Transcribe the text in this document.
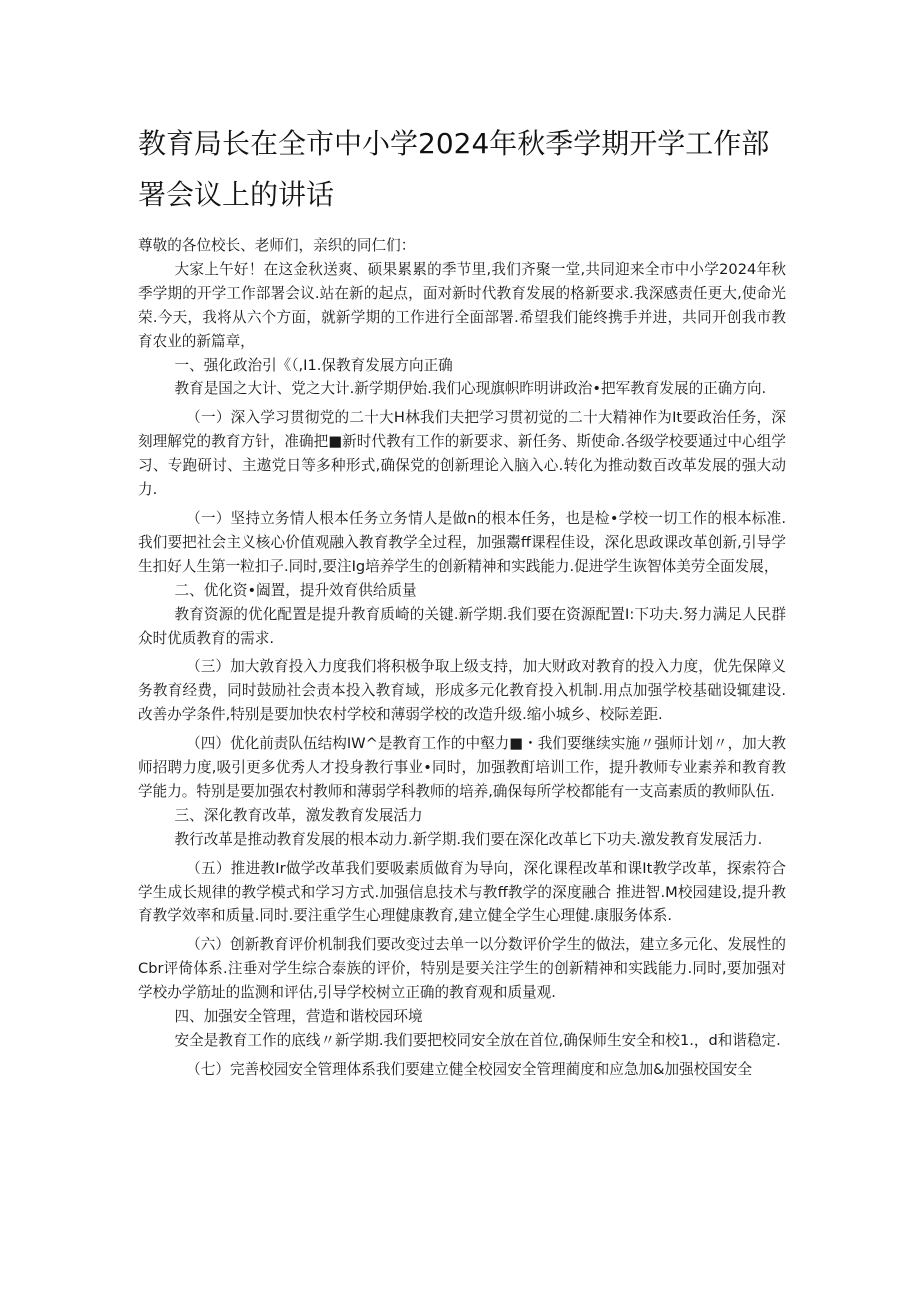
教育局长在全市中小学2024年秋季学期开学工作部
署会议上的讲话

尊敬的各位校长、老师们，亲织的同仁们：

大家上午好！在这金秋送爽、硕果累累的季节里,我们齐聚一堂,共同迎来全市中小学2024年秋季学期的开学工作部署会议.站在新的起点，面对新时代教育发展的格新要求.我深感责任更大,使命光荣.今天，我将从六个方面，就新学期的工作进行全面部署.希望我们能终携手并进，共同开创我市教育农业的新篇章，

一、强化政治引《（,I1.保教育发展方向正确

教育是国之大计、党之大计.新学期伊始.我们心现旗帜昨明讲政治•把军教育发展的正确方向.

（一）深入学习贯彻党的二十大H林我们夫把学习贯初觉的二十大精神作为It要政治任务，深刻理解党的教育方针，准确把■新时代教有工作的新要求、新任务、斯使命.各级学校要通过中心组学习、专跑研讨、主遨党日等多种形式,确保党的创新理论入脑入心.转化为推动数百改革发展的强大动力.

（一）坚持立务情人根本任务立务情人是做n的根本任务，也是检•学校一切工作的根本标准.我们要把社会主义核心价值观融入教育教学全过程，加强鬻ff课程佳设，深化思政课改革创新,引导学生扣好人生第一粒扣子.同时,要注Ig培养学生的创新精神和实践能力.促进学生诙智体美劳全面发展，

二、优化资•阖置，提升效育供给质量

教育资源的优化配置是提升教育质崎的关键.新学期.我们要在资源配置I:下功夫.努力满足人民群众时优质教育的需求.

（三）加大敦育投入力度我们将积极争取上级支持，加大财政对教育的投入力度，优先保障义务教育经费，同时鼓励社会责本投入教育域，形成多元化教育投入机制.用点加强学校基础设辄建设.改善办学条件,特别是要加快农村学校和薄弱学校的改造升级.缩小城乡、校际差距.

（四）优化前责队伍结构IW^是教育工作的中壑力■・我们要继续实施〃强师计划〃，加大教师招聘力度,吸引更多优秀人才投身教行事业•同时，加强教酊培训工作，提升教师专业素养和教育教学能力。特别是要加强农村教师和薄弱学科教师的培养,确保每所学校都能有一支高素质的教师队伍.

三、深化教育改革，激发教育发展活力

教行改革是推动教育发展的根本动力.新学期.我们要在深化改革匕下功夫.激发教育发展活力.

（五）推进教Ir做学改革我们要吸素质做育为导向，深化课程改革和课It教学改革，探索符合学生成长规律的教学模式和学习方式.加强信息技术与教ff教学的深度融合 推进智.M校园建设,提升教育教学效率和质量.同时.要注重学生心理健康教育,建立健全学生心理健.康服务体系.

（六）创新教育评价机制我们要改变过去单一以分数评价学生的做法，建立多元化、发展性的Cbr评倚体系.注垂对学生综合泰族的评价，特别是要关注学生的创新精神和实践能力.同时,要加强对学校办学筋址的监测和评估,引导学校树立正确的教育观和质量观.

四、加强安全管理，营造和谐校园环境

安全是教育工作的底线〃新学期.我们要把校同安全放在首位,确保师生安全和校1.，d和谐稳定.

（七）完善校园安全管理体系我们要建立健全校园安全管理蔺度和应急加&加强校国安全
